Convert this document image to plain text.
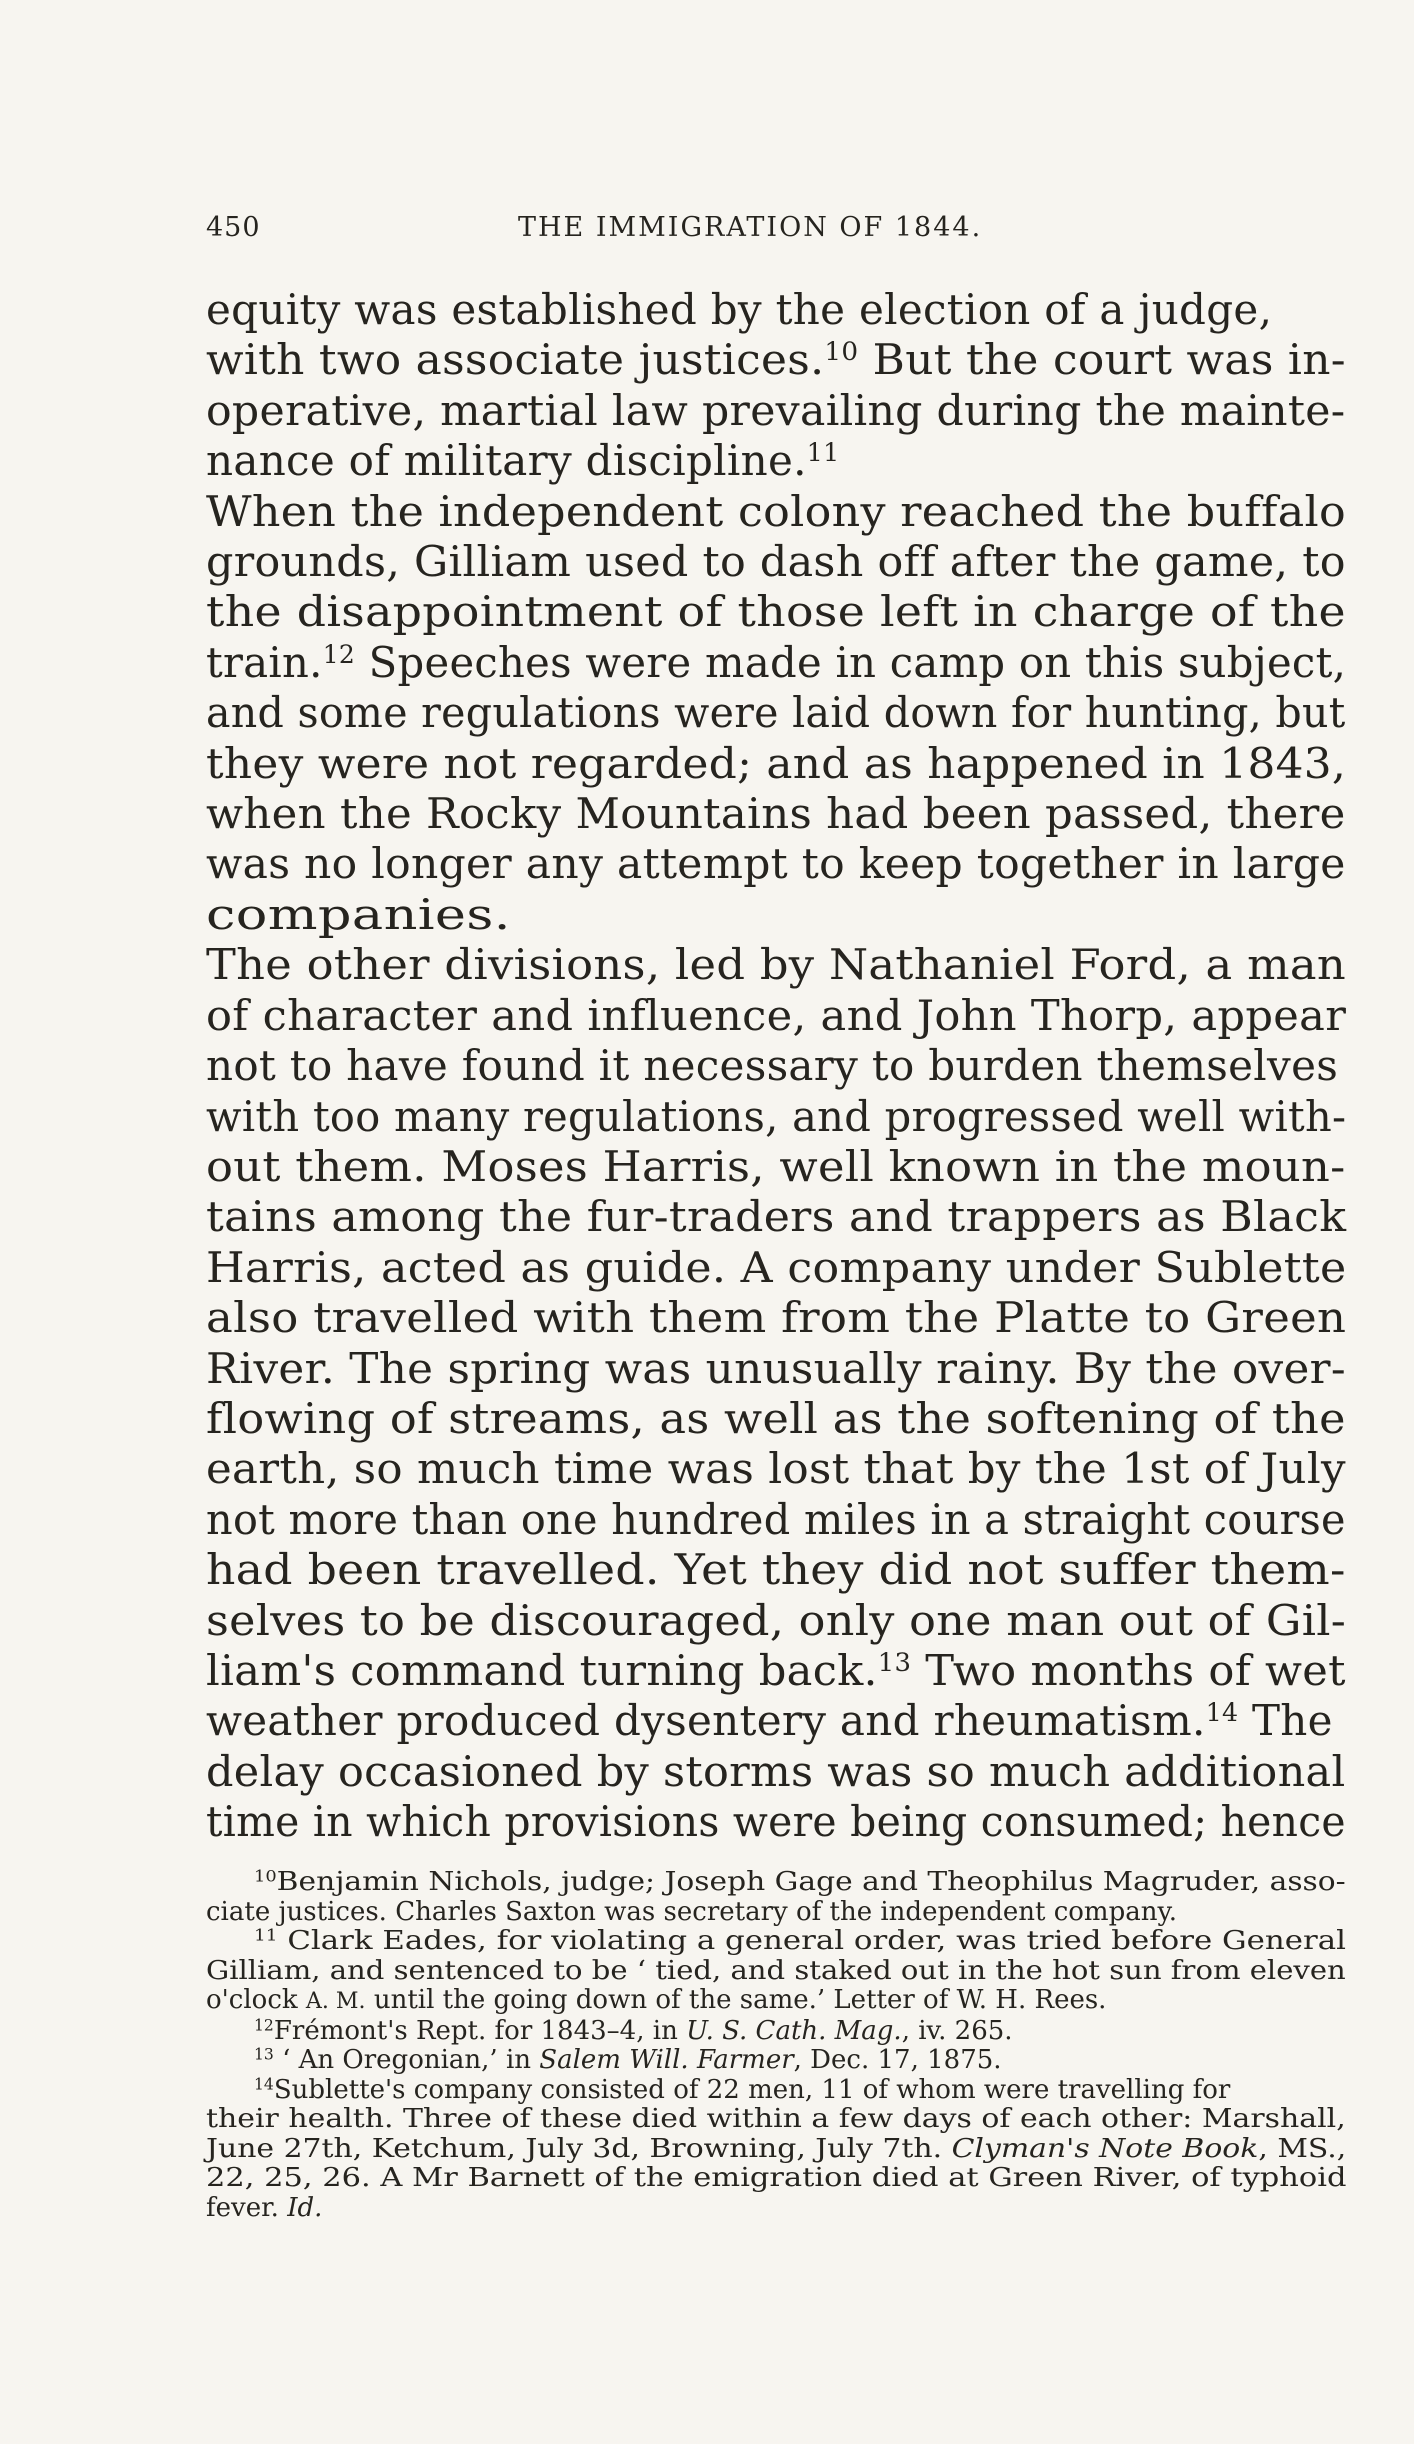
450	THE IMMIGRATION OF 1844.
equity was established by the election of a judge,
with two associate justices.$^{10}$ But the court was in-
operative, martial law prevailing during the mainte-
nance of military discipline.$^{11}$
When the independent colony reached the buffalo
grounds, Gilliam used to dash off after the game, to
the disappointment of those left in charge of the
train.$^{12}$ Speeches were made in camp on this subject,
and some regulations were laid down for hunting, but
they were not regarded; and as happened in 1843,
when the Rocky Mountains had been passed, there
was no longer any attempt to keep together in large
companies.
The other divisions, led by Nathaniel Ford, a man
of character and influence, and John Thorp, appear
not to have found it necessary to burden themselves
with too many regulations, and progressed well with-
out them. Moses Harris, well known in the moun-
tains among the fur-traders and trappers as Black
Harris, acted as guide. A company under Sublette
also travelled with them from the Platte to Green
River. The spring was unusually rainy. By the over-
flowing of streams, as well as the softening of the
earth, so much time was lost that by the 1st of July
not more than one hundred miles in a straight course
had been travelled. Yet they did not suffer them-
selves to be discouraged, only one man out of Gil-
liam's command turning back.$^{13}$ Two months of wet
weather produced dysentery and rheumatism.$^{14}$ The
delay occasioned by storms was so much additional
time in which provisions were being consumed; hence
$^{10}$Benjamin Nichols, judge; Joseph Gage and Theophilus Magruder, asso-
ciate justices. Charles Saxton was secretary of the independent company.
$^{11}$ Clark Eades, for violating a general order, was tried before General
Gilliam, and sentenced to be ‘ tied, and staked out in the hot sun from eleven
o'clock A. M. until the going down of the same.’ Letter of W. H. Rees.
$^{12}$Frémont's Rept. for 1843–4, in U. S. Cath. Mag., iv. 265.
$^{13}$ ‘ An Oregonian,’ in Salem Will. Farmer, Dec. 17, 1875.
$^{14}$Sublette's company consisted of 22 men, 11 of whom were travelling for
their health. Three of these died within a few days of each other: Marshall,
June 27th, Ketchum, July 3d, Browning, July 7th. Clyman's Note Book, MS.,
22, 25, 26. A Mr Barnett of the emigration died at Green River, of typhoid
fever. Id.
